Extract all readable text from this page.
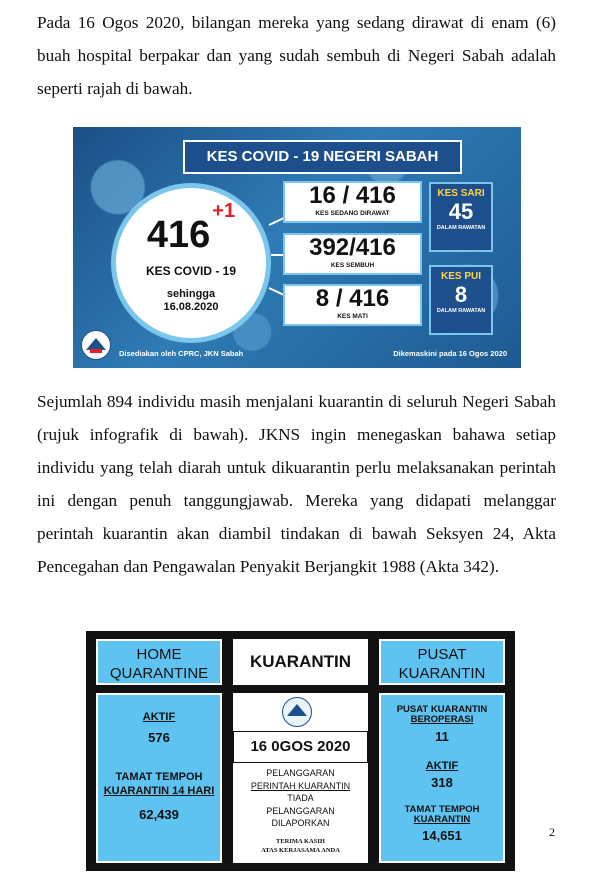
Pada 16 Ogos 2020, bilangan mereka yang sedang dirawat di enam (6) buah hospital berpakar dan yang sudah sembuh di Negeri Sabah adalah seperti rajah di bawah.

KES COVID - 19 NEGERI SABAH
$416^{+1}$
KES COVID - 19
sehingga
16.08.2020
16 / 416
KES SEDANG DIRAWAT
392/416
KES SEMBUH
8 / 416
KES MATI
KES SARI
45
DALAM RAWATAN
KES PUI
8
DALAM RAWATAN
Disediakan oleh CPRC, JKN Sabah	Dikemaskini pada 16 Ogos 2020

Sejumlah 894 individu masih menjalani kuarantin di seluruh Negeri Sabah (rujuk infografik di bawah). JKNS ingin menegaskan bahawa setiap individu yang telah diarah untuk dikuarantin perlu melaksanakan perintah ini dengan penuh tanggungjawab. Mereka yang didapati melanggar perintah kuarantin akan diambil tindakan di bawah Seksyen 24, Akta Pencegahan dan Pengawalan Penyakit Berjangkit 1988 (Akta 342).

HOME
QUARANTINE
KUARANTIN	PUSAT
KUARANTIN
AKTIF
576
TAMAT TEMPOH
KUARANTIN 14 HARI
62,439
16 0GOS 2020
PELANGGARAN
PERINTAH KUARANTIN
TIADA
PELANGGARAN
DILAPORKAN
TERIMA KASIH
ATAS KERJASAMA ANDA
PUSAT KUARANTIN
BEROPERASI
11
AKTIF
318
TAMAT TEMPOH
KUARANTIN
14,651	2
